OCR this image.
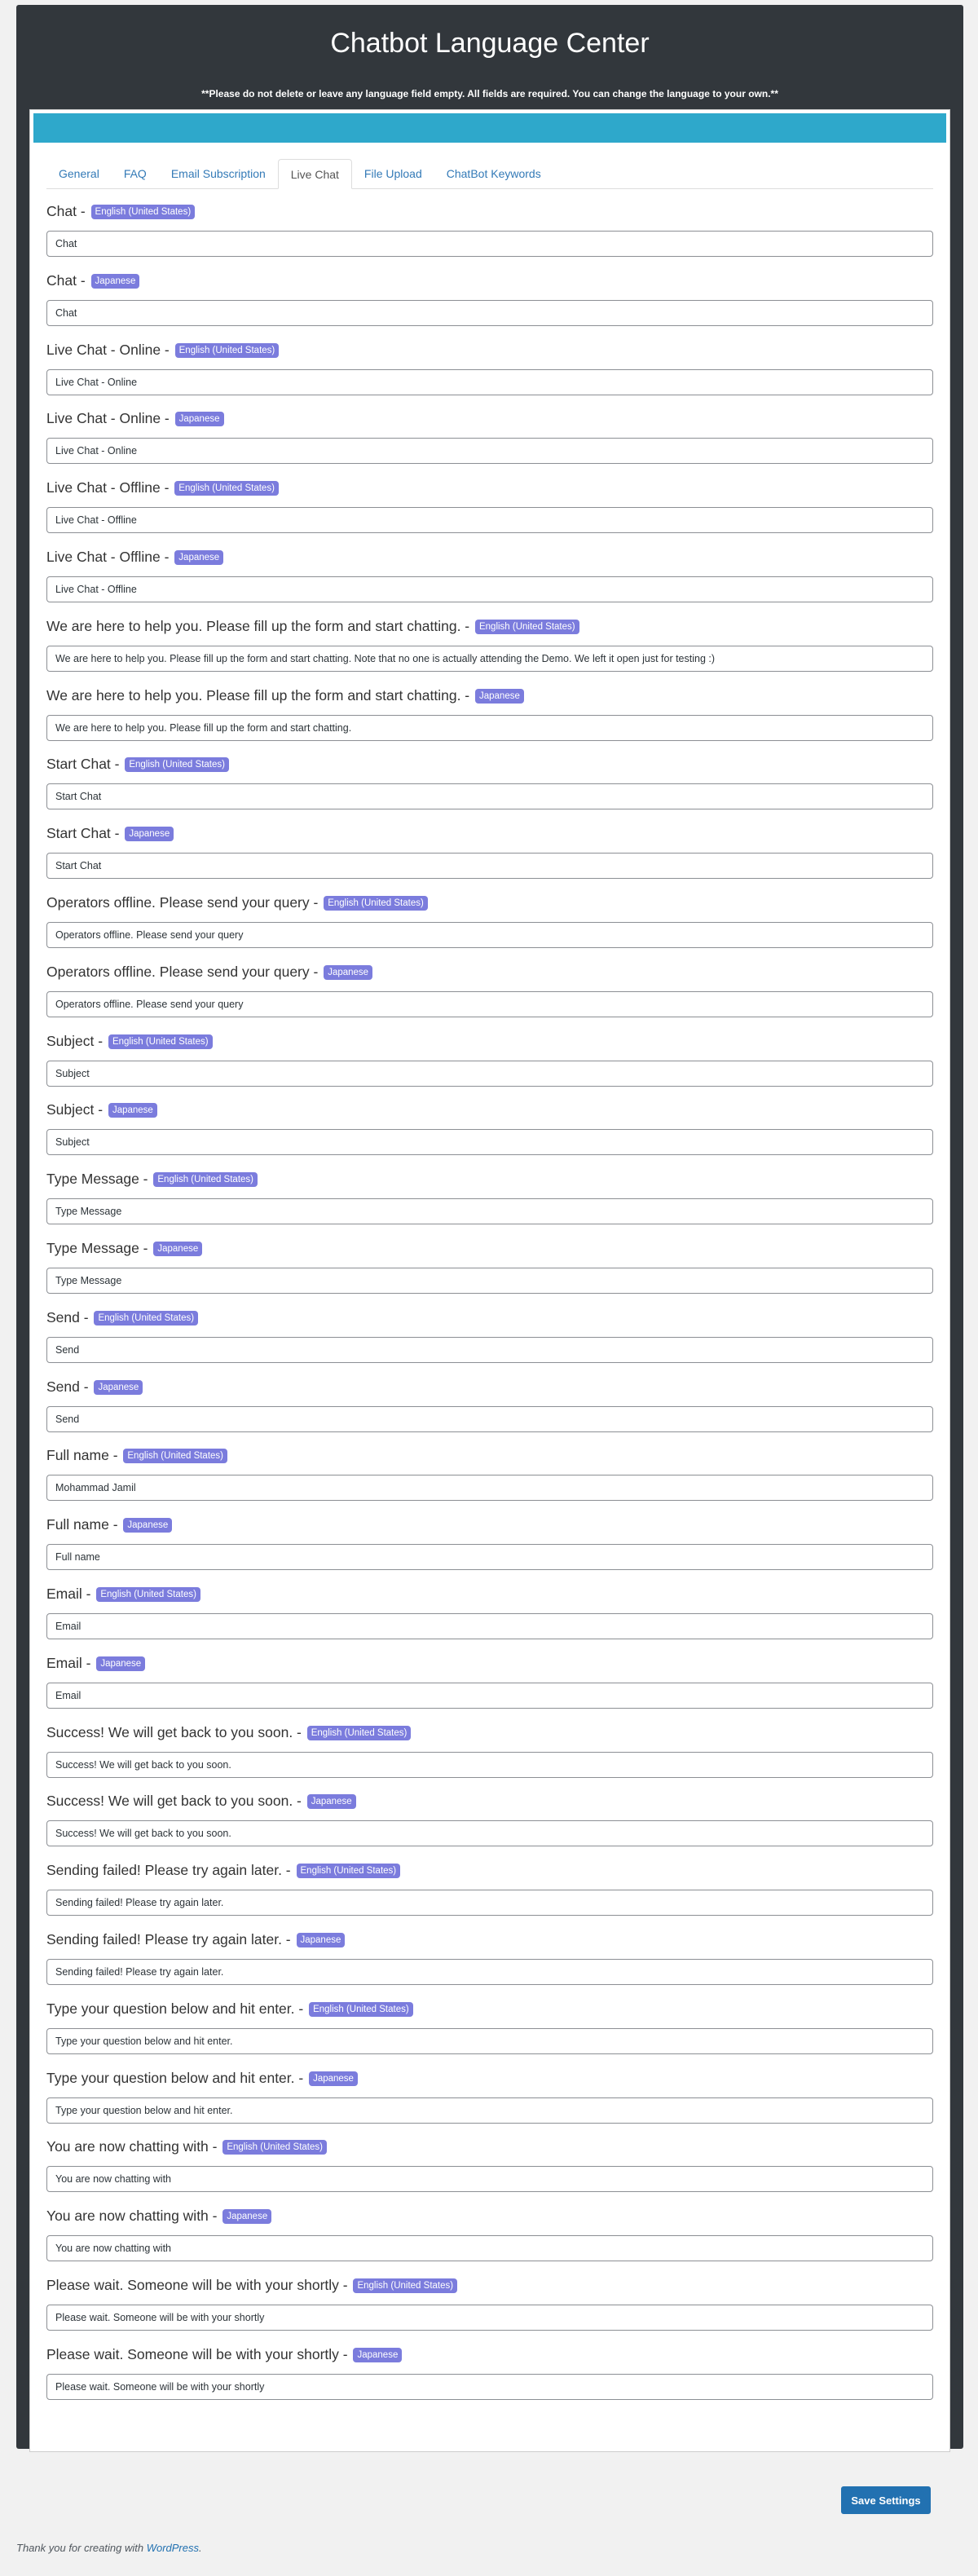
Chatbot Language Center
**Please do not delete or leave any language field empty. All fields are required. You can change the language to your own.**
General	FAQ	Email Subscription	Live Chat	File Upload	ChatBot Keywords
Chat - English (United States)
Chat
Chat - Japanese
Chat
Live Chat - Online - English (United States)
Live Chat - Online
Live Chat - Online - Japanese
Live Chat - Online
Live Chat - Offline - English (United States)
Live Chat - Offline
Live Chat - Offline - Japanese
Live Chat - Offline
We are here to help you. Please fill up the form and start chatting. - English (United States)
We are here to help you. Please fill up the form and start chatting. Note that no one is actually attending the Demo. We left it open just for testing :)
We are here to help you. Please fill up the form and start chatting. - Japanese
We are here to help you. Please fill up the form and start chatting.
Start Chat - English (United States)
Start Chat
Start Chat - Japanese
Start Chat
Operators offline. Please send your query - English (United States)
Operators offline. Please send your query
Operators offline. Please send your query - Japanese
Operators offline. Please send your query
Subject - English (United States)
Subject
Subject - Japanese
Subject
Type Message - English (United States)
Type Message
Type Message - Japanese
Type Message
Send - English (United States)
Send
Send - Japanese
Send
Full name - English (United States)
Mohammad Jamil
Full name - Japanese
Full name
Email - English (United States)
Email
Email - Japanese
Email
Success! We will get back to you soon. - English (United States)
Success! We will get back to you soon.
Success! We will get back to you soon. - Japanese
Success! We will get back to you soon.
Sending failed! Please try again later. - English (United States)
Sending failed! Please try again later.
Sending failed! Please try again later. - Japanese
Sending failed! Please try again later.
Type your question below and hit enter. - English (United States)
Type your question below and hit enter.
Type your question below and hit enter. - Japanese
Type your question below and hit enter.
You are now chatting with - English (United States)
You are now chatting with
You are now chatting with - Japanese
You are now chatting with
Please wait. Someone will be with your shortly - English (United States)
Please wait. Someone will be with your shortly
Please wait. Someone will be with your shortly - Japanese
Please wait. Someone will be with your shortly
Save Settings
Thank you for creating with WordPress.
